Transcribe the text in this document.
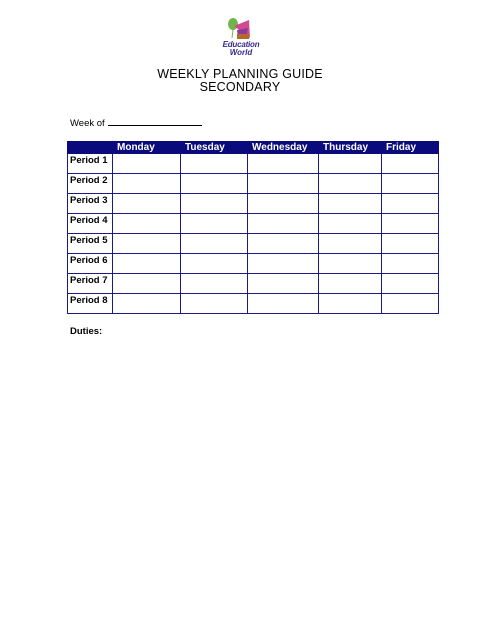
Education
World
WEEKLY PLANNING GUIDE
SECONDARY
Week of
	Monday	Tuesday	Wednesday	Thursday	Friday
Period 1					
Period 2					
Period 3					
Period 4					
Period 5					
Period 6					
Period 7					
Period 8					
Duties:
